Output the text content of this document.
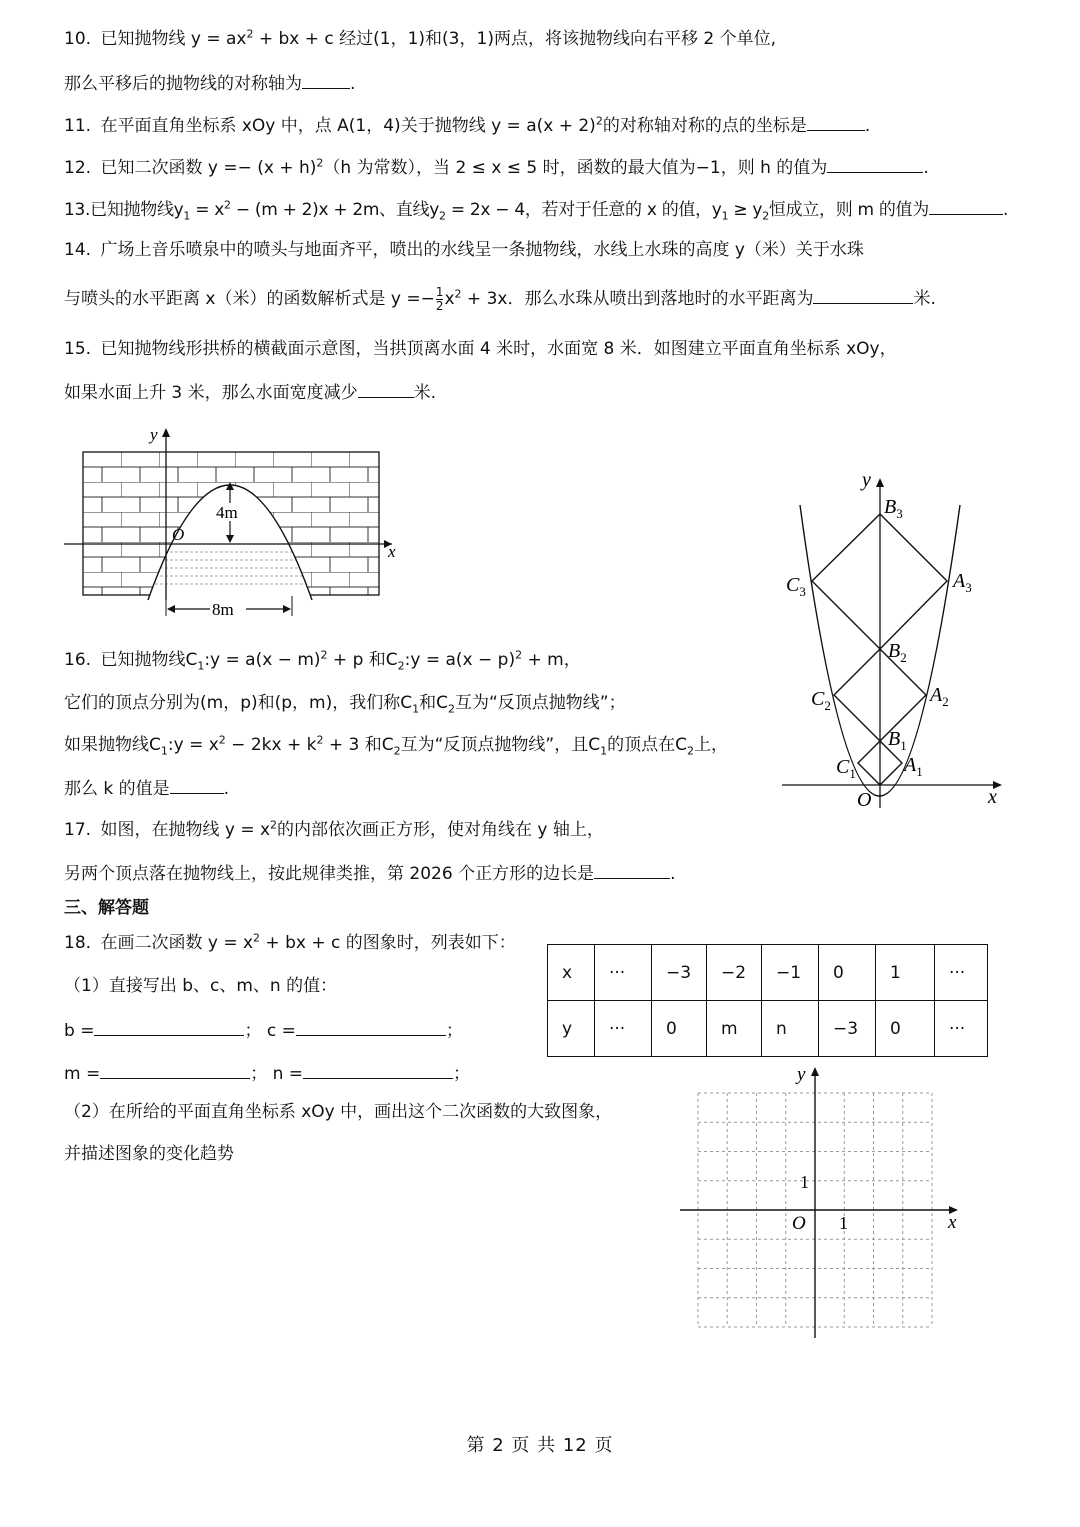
10. 已知抛物线 $y = ax^2$ + bx + c 经过(1，1)和(3，1)两点，将该抛物线向右平移 2 个单位,
那么平移后的抛物线的对称轴为	.
11. 在平面直角坐标系 xOy 中，点 A(1，4)关于抛物线 $y = a(x + 2)^2$的对称轴对称的点的坐标是	.
12. 已知二次函数 $y =- (x + h)^2(h$ 为常数），当 2 ≤ x ≤ 5 时，函数的最大值为−1，则 h 的值为	.
13.已知抛物线$y_1 = x^2 - (m + 2)x + 2m$、直线$y_2 = 2x - 4$，若对于任意的 x 的值，$y_1 \ge y_2$恒成立，则 m 的值为	.
14. 广场上音乐喷泉中的喷头与地面齐平，喷出的水线呈一条抛物线，水线上水珠的高度 y（米）关于水珠
与喷头的水平距离 x（米）的函数解析式是 $y =- \frac{1}{2} x^2 + 3x$．那么水珠从喷出到落地时的水平距离为	米.
15. 已知抛物线形拱桥的横截面示意图，当拱顶离水面 4 米时，水面宽 8 米．如图建立平面直角坐标系 xOy，
如果水面上升 3 米，那么水面宽度减少	米.
y
x
O
4m
8m
y
x
O
$B_3$
$A_3$
$C_3$
$B_2$
$A_2$
$C_2$
$B_1$
$A_1$
$C_1$
16. 已知抛物线$C_1:y = a(x - m)^2 + p$ 和$C_2:y = a(x - p)^2 + m$，
它们的顶点分别为(m，p)和(p，m)，我们称$C_1$和$C_2$互为“反顶点抛物线”；
如果抛物线$C_1:y = x^2 - 2kx + k^2 + 3$ 和$C_2$互为“反顶点抛物线”，且$C_1$的顶点在$C_2$上，
那么 k 的值是	.
17. 如图，在抛物线 $y = x^2$的内部依次画正方形，使对角线在 y 轴上，
另两个顶点落在抛物线上，按此规律类推，第 2026 个正方形的边长是	.
三、解答题
18. 在画二次函数 $y = x^2$ + bx + c 的图象时，列表如下：
（1）直接写出 b、c、m、n 的值：
b =	； c =	；
m =	； n =	；
（2）在所给的平面直角坐标系 xOy 中，画出这个二次函数的大致图象，
并描述图象的变化趋势
x	···	−3	−2	−1	0	1	···
y	···	0	m	n	−3	0	···
y
x
O 1
1
第 2 页 共 12 页
